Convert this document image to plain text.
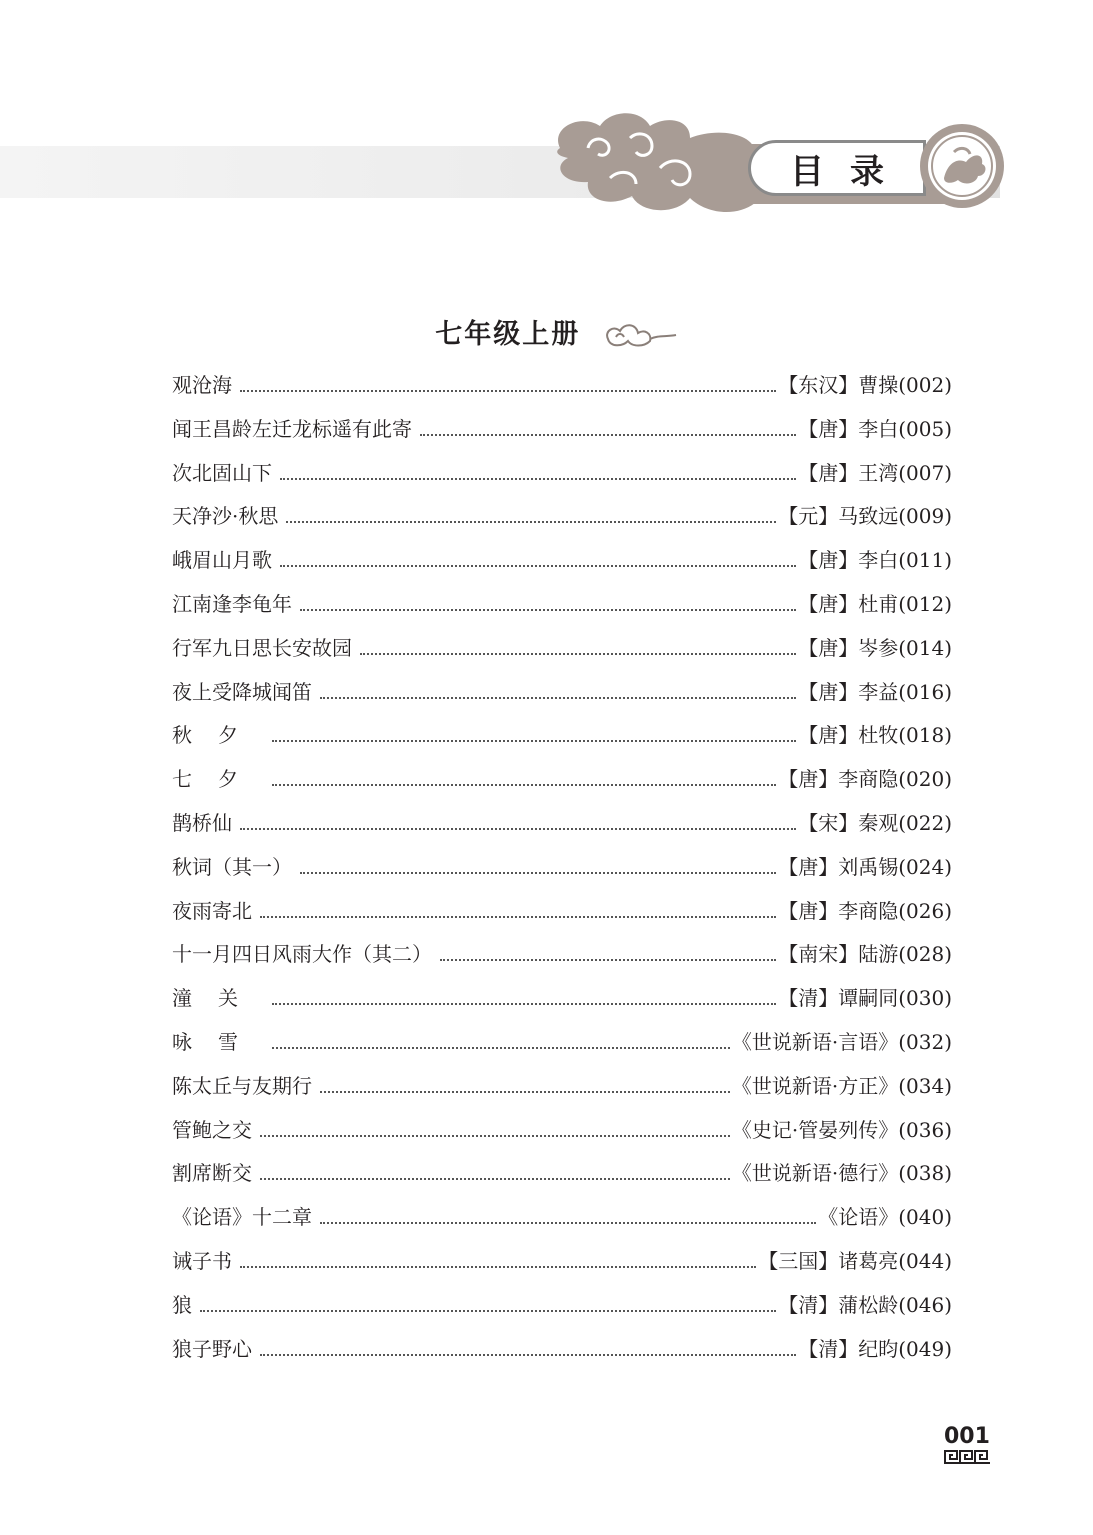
目录
七年级上册
观沧海	【东汉】曹操 (002)
闻王昌龄左迁龙标遥有此寄	【唐】李白 (005)
次北固山下	【唐】王湾 (007)
天净沙·秋思	【元】马致远 (009)
峨眉山月歌	【唐】李白 (011)
江南逢李龟年	【唐】杜甫 (012)
行军九日思长安故园	【唐】岑参 (014)
夜上受降城闻笛	【唐】李益 (016)
秋夕	【唐】杜牧 (018)
七夕	【唐】李商隐 (020)
鹊桥仙	【宋】秦观 (022)
秋词（其一）	【唐】刘禹锡 (024)
夜雨寄北	【唐】李商隐 (026)
十一月四日风雨大作（其二）	【南宋】陆游 (028)
潼关	【清】谭嗣同 (030)
咏雪	《世说新语·言语》 (032)
陈太丘与友期行	《世说新语·方正》 (034)
管鲍之交	《史记·管晏列传》 (036)
割席断交	《世说新语·德行》 (038)
《论语》十二章	《论语》 (040)
诫子书	【三国】诸葛亮 (044)
狼	【清】蒲松龄 (046)
狼子野心	【清】纪昀 (049)
001
